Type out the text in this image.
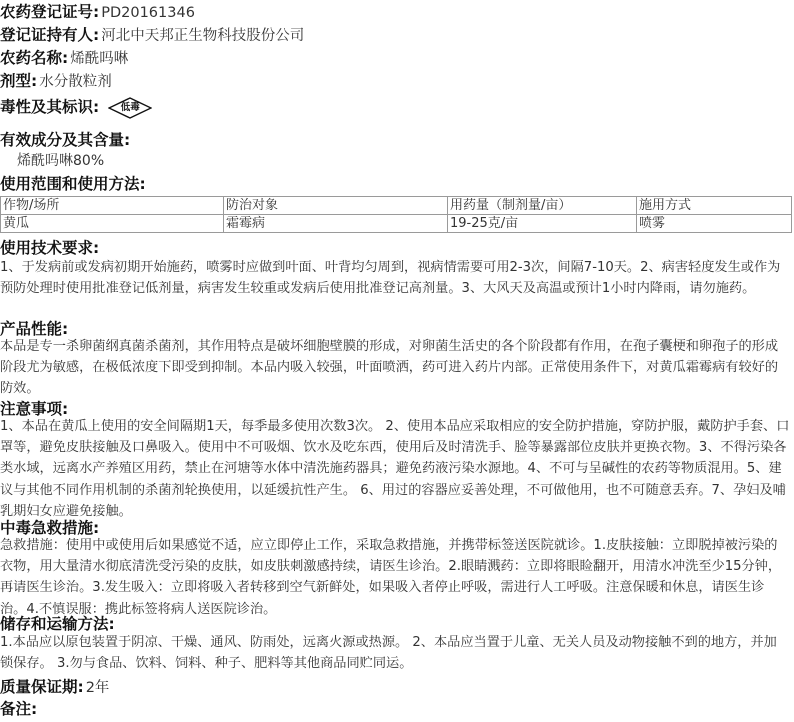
农药登记证号: PD20161346
登记证持有人: 河北中天邦正生物科技股份公司
农药名称: 烯酰吗啉
剂型: 水分散粒剂
毒性及其标识:	低毒
有效成分及其含量:
烯酰吗啉80%
使用范围和使用方法:
作物/场所	防治对象	用药量（制剂量/亩）	施用方式
黄瓜	霜霉病	19-25克/亩	喷雾
使用技术要求:
1、于发病前或发病初期开始施药，喷雾时应做到叶面、叶背均匀周到，视病情需要可用2-3次，间隔7-10天。2、病害轻度发生或作为预防处理时使用批准登记低剂量，病害发生较重或发病后使用批准登记高剂量。3、大风天及高温或预计1小时内降雨，请勿施药。
产品性能:
本品是专一杀卵菌纲真菌杀菌剂，其作用特点是破坏细胞壁膜的形成，对卵菌生活史的各个阶段都有作用，在孢子囊梗和卵孢子的形成阶段尤为敏感，在极低浓度下即受到抑制。本品内吸入较强，叶面喷洒，药可进入药片内部。正常使用条件下，对黄瓜霜霉病有较好的防效。
注意事项:
1、本品在黄瓜上使用的安全间隔期1天，每季最多使用次数3次。 2、使用本品应采取相应的安全防护措施，穿防护服，戴防护手套、口罩等，避免皮肤接触及口鼻吸入。使用中不可吸烟、饮水及吃东西，使用后及时清洗手、脸等暴露部位皮肤并更换衣物。3、不得污染各类水域，远离水产养殖区用药，禁止在河塘等水体中清洗施药器具；避免药液污染水源地。4、不可与呈碱性的农药等物质混用。5、建议与其他不同作用机制的杀菌剂轮换使用，以延缓抗性产生。 6、用过的容器应妥善处理，不可做他用，也不可随意丢弃。7、孕妇及哺乳期妇女应避免接触。
中毒急救措施:
急救措施：使用中或使用后如果感觉不适，应立即停止工作，采取急救措施，并携带标签送医院就诊。1.皮肤接触：立即脱掉被污染的衣物，用大量清水彻底清洗受污染的皮肤，如皮肤刺激感持续，请医生诊治。2.眼睛溅药：立即将眼睑翻开，用清水冲洗至少15分钟，再请医生诊治。3.发生吸入：立即将吸入者转移到空气新鲜处，如果吸入者停止呼吸，需进行人工呼吸。注意保暖和休息，请医生诊治。4.不慎误服：携此标签将病人送医院诊治。
储存和运输方法:
1.本品应以原包装置于阴凉、干燥、通风、防雨处，远离火源或热源。 2、本品应当置于儿童、无关人员及动物接触不到的地方，并加锁保存。 3.勿与食品、饮料、饲料、种子、肥料等其他商品同贮同运。
质量保证期: 2年
备注:
